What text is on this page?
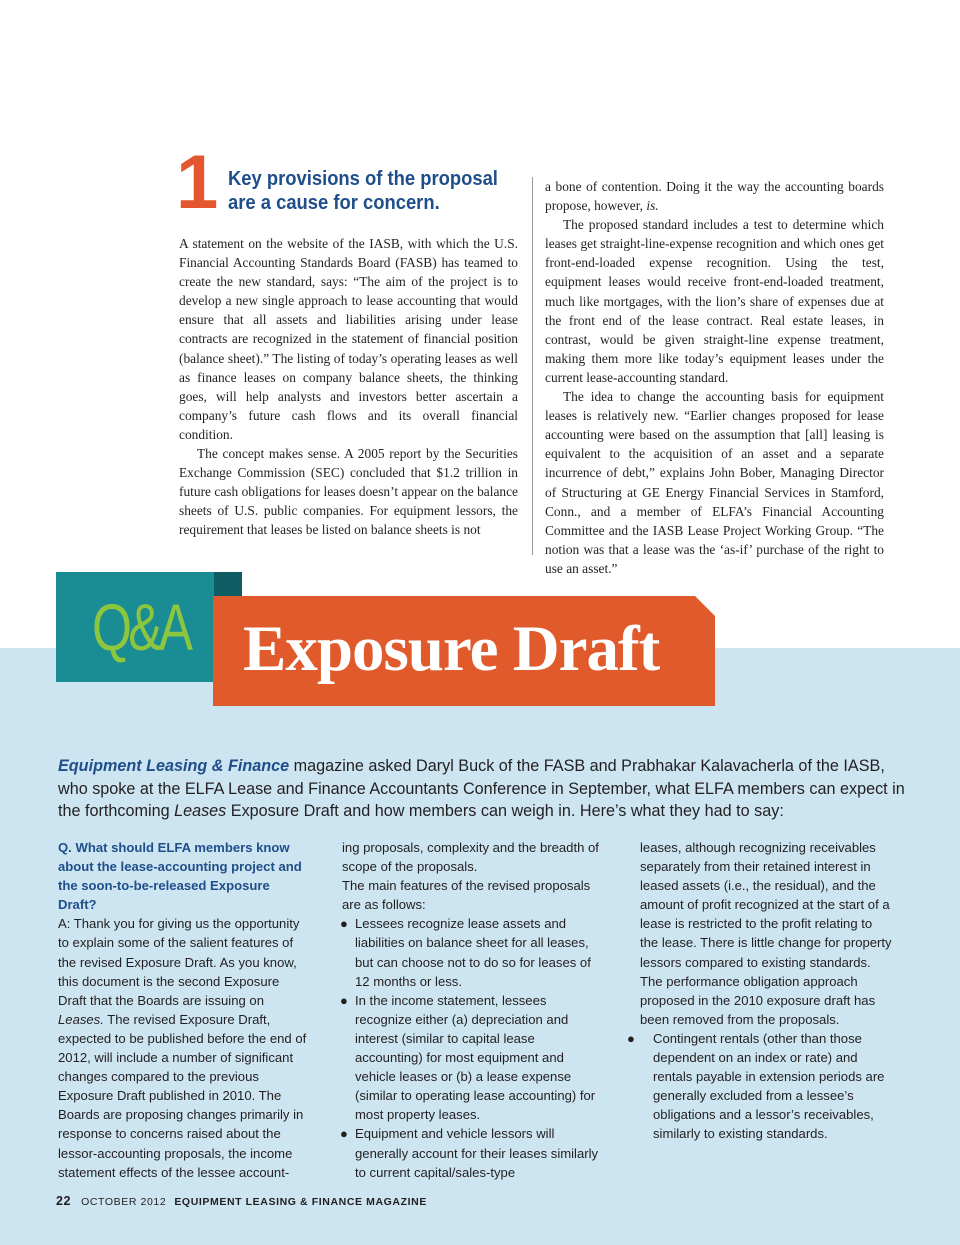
1 Key provisions of the proposal
are a cause for concern.

A statement on the website of the IASB, with which the U.S. Financial Accounting Standards Board (FASB) has teamed to create the new standard, says: “The aim of the project is to develop a new single approach to lease accounting that would ensure that all assets and liabilities arising under lease contracts are recognized in the statement of financial position (balance sheet).” The listing of today’s operating leases as well as finance leases on company balance sheets, the thinking goes, will help analysts and investors better ascertain a company’s future cash flows and its overall financial condition.

The concept makes sense. A 2005 report by the Securities Exchange Commission (SEC) concluded that $1.2 trillion in future cash obligations for leases doesn’t appear on the balance sheets of U.S. public companies. For equipment lessors, the requirement that leases be listed on balance sheets is not

a bone of contention. Doing it the way the accounting boards propose, however, is.

The proposed standard includes a test to determine which leases get straight-line-expense recognition and which ones get front-end-loaded expense recognition. Using the test, equipment leases would receive front-end-loaded treatment, much like mortgages, with the lion’s share of expenses due at the front end of the lease contract. Real estate leases, in contrast, would be given straight-line expense treatment, making them more like today’s equipment leases under the current lease-accounting standard.

The idea to change the accounting basis for equipment leases is relatively new. “Earlier changes proposed for lease accounting were based on the assumption that [all] leasing is equivalent to the acquisition of an asset and a separate incurrence of debt,” explains John Bober, Managing Director of Structuring at GE Energy Financial Services in Stamford, Conn., and a member of ELFA’s Financial Accounting Committee and the IASB Lease Project Working Group. “The notion was that a lease was the ‘as-if’ purchase of the right to use an asset.”

Q&A Exposure Draft
Equipment Leasing & Finance magazine asked Daryl Buck of the FASB and Prabhakar Kalavacherla of the IASB, who spoke at the ELFA Lease and Finance Accountants Conference in September, what ELFA members can expect in the forthcoming Leases Exposure Draft and how members can weigh in. Here’s what they had to say:

Q. What should ELFA members know about the lease-accounting project and the soon-to-be-released Exposure Draft?

A: Thank you for giving us the opportunity to explain some of the salient features of the revised Exposure Draft. As you know, this document is the second Exposure Draft that the Boards are issuing on Leases. The revised Exposure Draft, expected to be published before the end of 2012, will include a number of significant changes compared to the previous Exposure Draft published in 2010. The Boards are proposing changes primarily in response to concerns raised about the lessor-accounting proposals, the income statement effects of the lessee account-

ing proposals, complexity and the breadth of scope of the proposals.

The main features of the revised proposals are as follows:

● Lessees recognize lease assets and liabilities on balance sheet for all leases, but can choose not to do so for leases of 12 months or less.

● In the income statement, lessees recognize either (a) depreciation and interest (similar to capital lease accounting) for most equipment and vehicle leases or (b) a lease expense (similar to operating lease accounting) for most property leases.

● Equipment and vehicle lessors will generally account for their leases similarly to current capital/sales-type

leases, although recognizing receivables separately from their retained interest in leased assets (i.e., the residual), and the amount of profit recognized at the start of a lease is restricted to the profit relating to the lease. There is little change for property lessors compared to existing standards. The performance obligation approach proposed in the 2010 exposure draft has been removed from the proposals.

● Contingent rentals (other than those dependent on an index or rate) and rentals payable in extension periods are generally excluded from a lessee’s obligations and a lessor’s receivables, similarly to existing standards.

22 OCTOBER 2012 EQUIPMENT LEASING & FINANCE MAGAZINE
